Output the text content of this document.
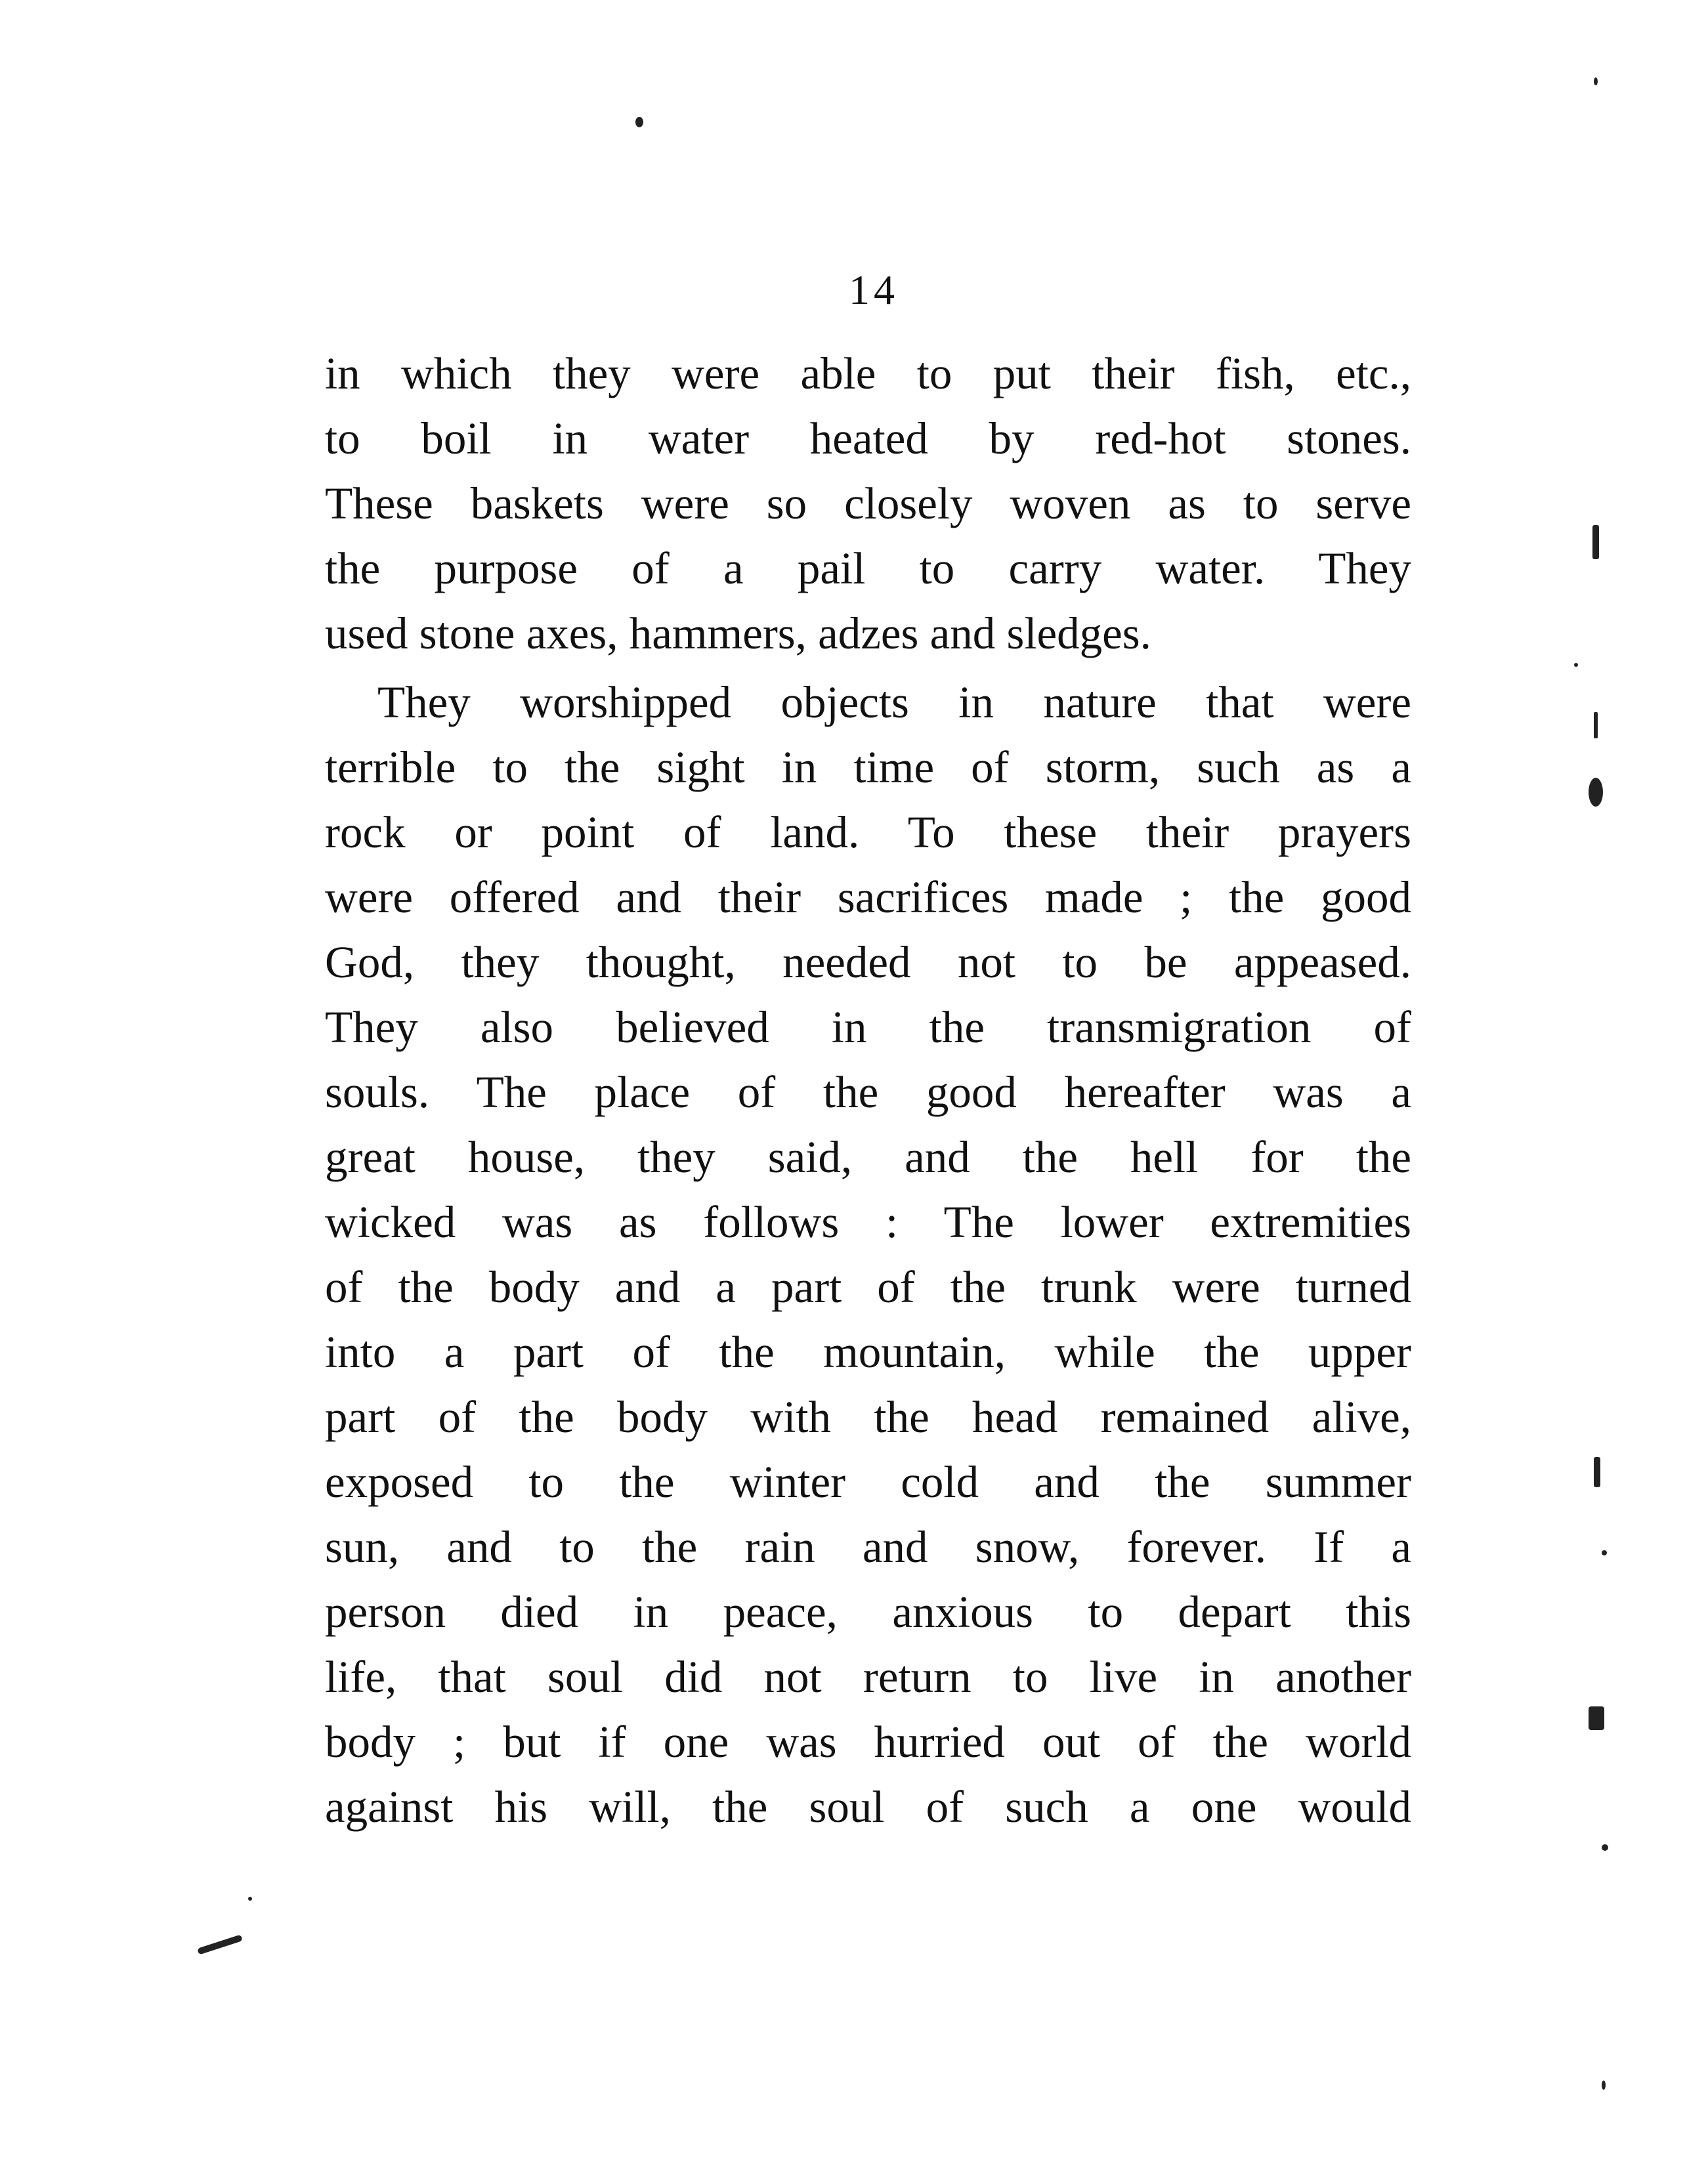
14
in which they were able to put their fish, etc.,
to boil in water heated by red-hot stones.
These baskets were so closely woven as to serve
the purpose of a pail to carry water. They
used stone axes, hammers, adzes and sledges.
They worshipped objects in nature that were
terrible to the sight in time of storm, such as a
rock or point of land. To these their prayers
were offered and their sacrifices made ; the good
God, they thought, needed not to be appeased.
They also believed in the transmigration of
souls. The place of the good hereafter was a
great house, they said, and the hell for the
wicked was as follows : The lower extremities
of the body and a part of the trunk were turned
into a part of the mountain, while the upper
part of the body with the head remained alive,
exposed to the winter cold and the summer
sun, and to the rain and snow, forever. If a
person died in peace, anxious to depart this
life, that soul did not return to live in another
body ; but if one was hurried out of the world
against his will, the soul of such a one would
